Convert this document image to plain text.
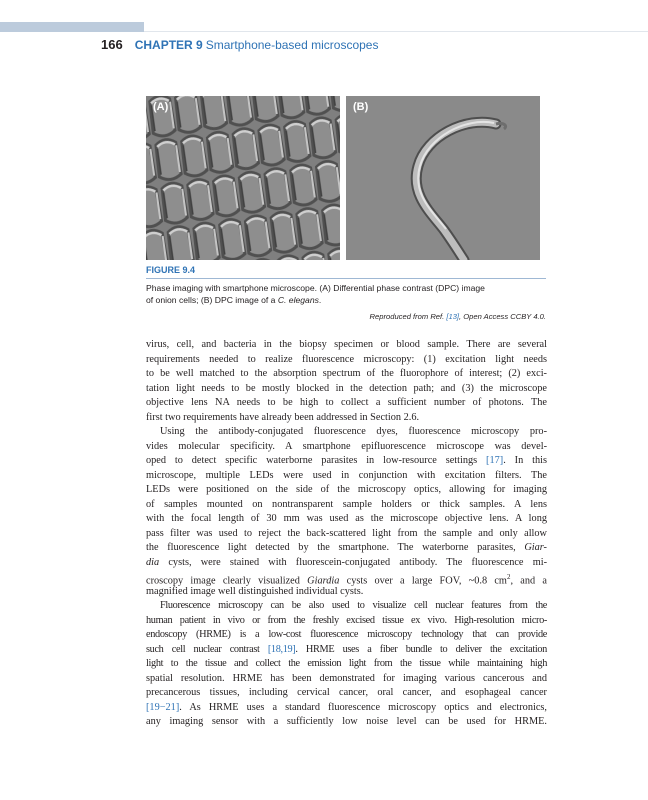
166 CHAPTER 9 Smartphone-based microscopes
(A)	(B)
FIGURE 9.4
Phase imaging with smartphone microscope. (A) Differential phase contrast (DPC) image
of onion cells; (B) DPC image of a C. elegans.
Reproduced from Ref. [13], Open Access CCBY 4.0.
virus, cell, and bacteria in the biopsy specimen or blood sample. There are several
requirements needed to realize fluorescence microscopy: (1) excitation light needs
to be well matched to the absorption spectrum of the fluorophore of interest; (2) exci-
tation light needs to be mostly blocked in the detection path; and (3) the microscope
objective lens NA needs to be high to collect a sufficient number of photons. The
first two requirements have already been addressed in Section 2.6.
Using the antibody-conjugated fluorescence dyes, fluorescence microscopy pro-
vides molecular specificity. A smartphone epifluorescence microscope was devel-
oped to detect specific waterborne parasites in low-resource settings [17]. In this
microscope, multiple LEDs were used in conjunction with excitation filters. The
LEDs were positioned on the side of the microscopy optics, allowing for imaging
of samples mounted on nontransparent sample holders or thick samples. A lens
with the focal length of 30 mm was used as the microscope objective lens. A long
pass filter was used to reject the back-scattered light from the sample and only allow
the fluorescence light detected by the smartphone. The waterborne parasites, Giar-
dia cysts, were stained with fluorescein-conjugated antibody. The fluorescence mi-
croscopy image clearly visualized Giardia cysts over a large FOV, ~0.8 $cm^2$, and a
magnified image well distinguished individual cysts.
Fluorescence microscopy can be also used to visualize cell nuclear features from the
human patient in vivo or from the freshly excised tissue ex vivo. High-resolution micro-
endoscopy (HRME) is a low-cost fluorescence microscopy technology that can provide
such cell nuclear contrast [18,19]. HRME uses a fiber bundle to deliver the excitation
light to the tissue and collect the emission light from the tissue while maintaining high
spatial resolution. HRME has been demonstrated for imaging various cancerous and
precancerous tissues, including cervical cancer, oral cancer, and esophageal cancer
[19−21]. As HRME uses a standard fluorescence microscopy optics and electronics,
any imaging sensor with a sufficiently low noise level can be used for HRME.
